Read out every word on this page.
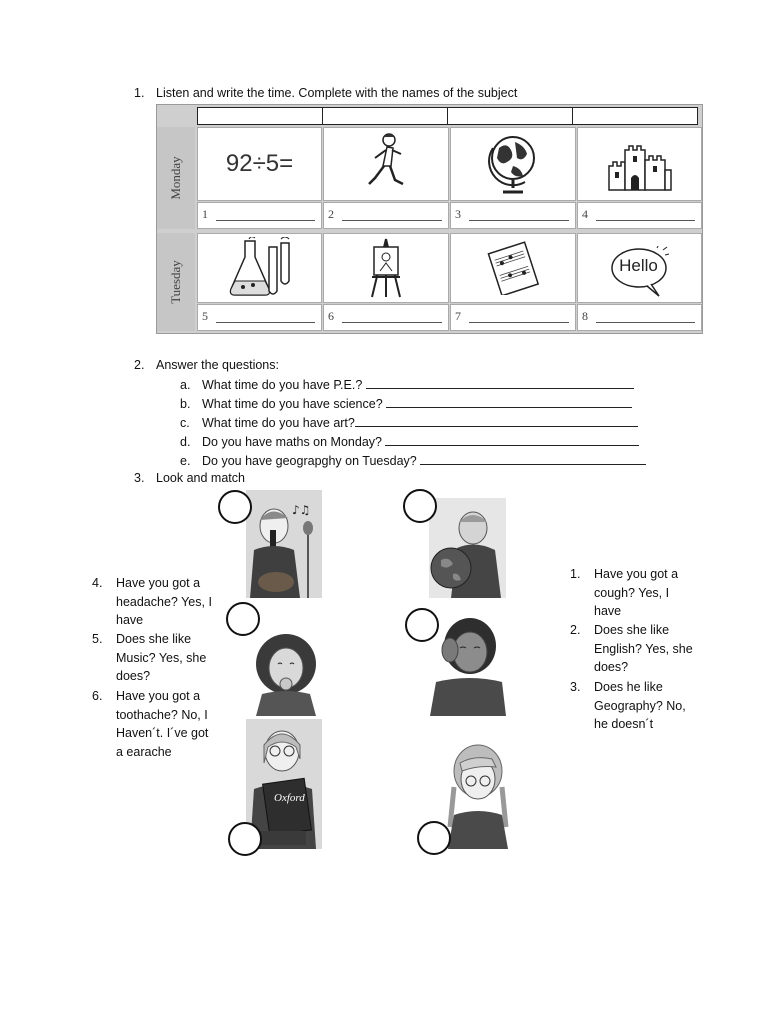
1. Listen and write the time. Complete with the names of the subject
Monday
Tuesday
92÷5=
1	2	3	4
Hello
5	6	7	8
2. Answer the questions:
a. What time do you have P.E.?
b. What time do you have science?
c. What time do you have art?
d. Do you have maths on Monday?
e. Do you have geograpghy on Tuesday?
3. Look and match
♪♫
Oxford
4. Have you got a
headache? Yes, I
have
5. Does she like
Music? Yes, she
does?
6. Have you got a
toothache? No, I
Haven´t. I´ve got
a earache
1. Have you got a
cough? Yes, I
have
2. Does she like
English? Yes, she
does?
3. Does he like
Geography? No,
he doesn´t
